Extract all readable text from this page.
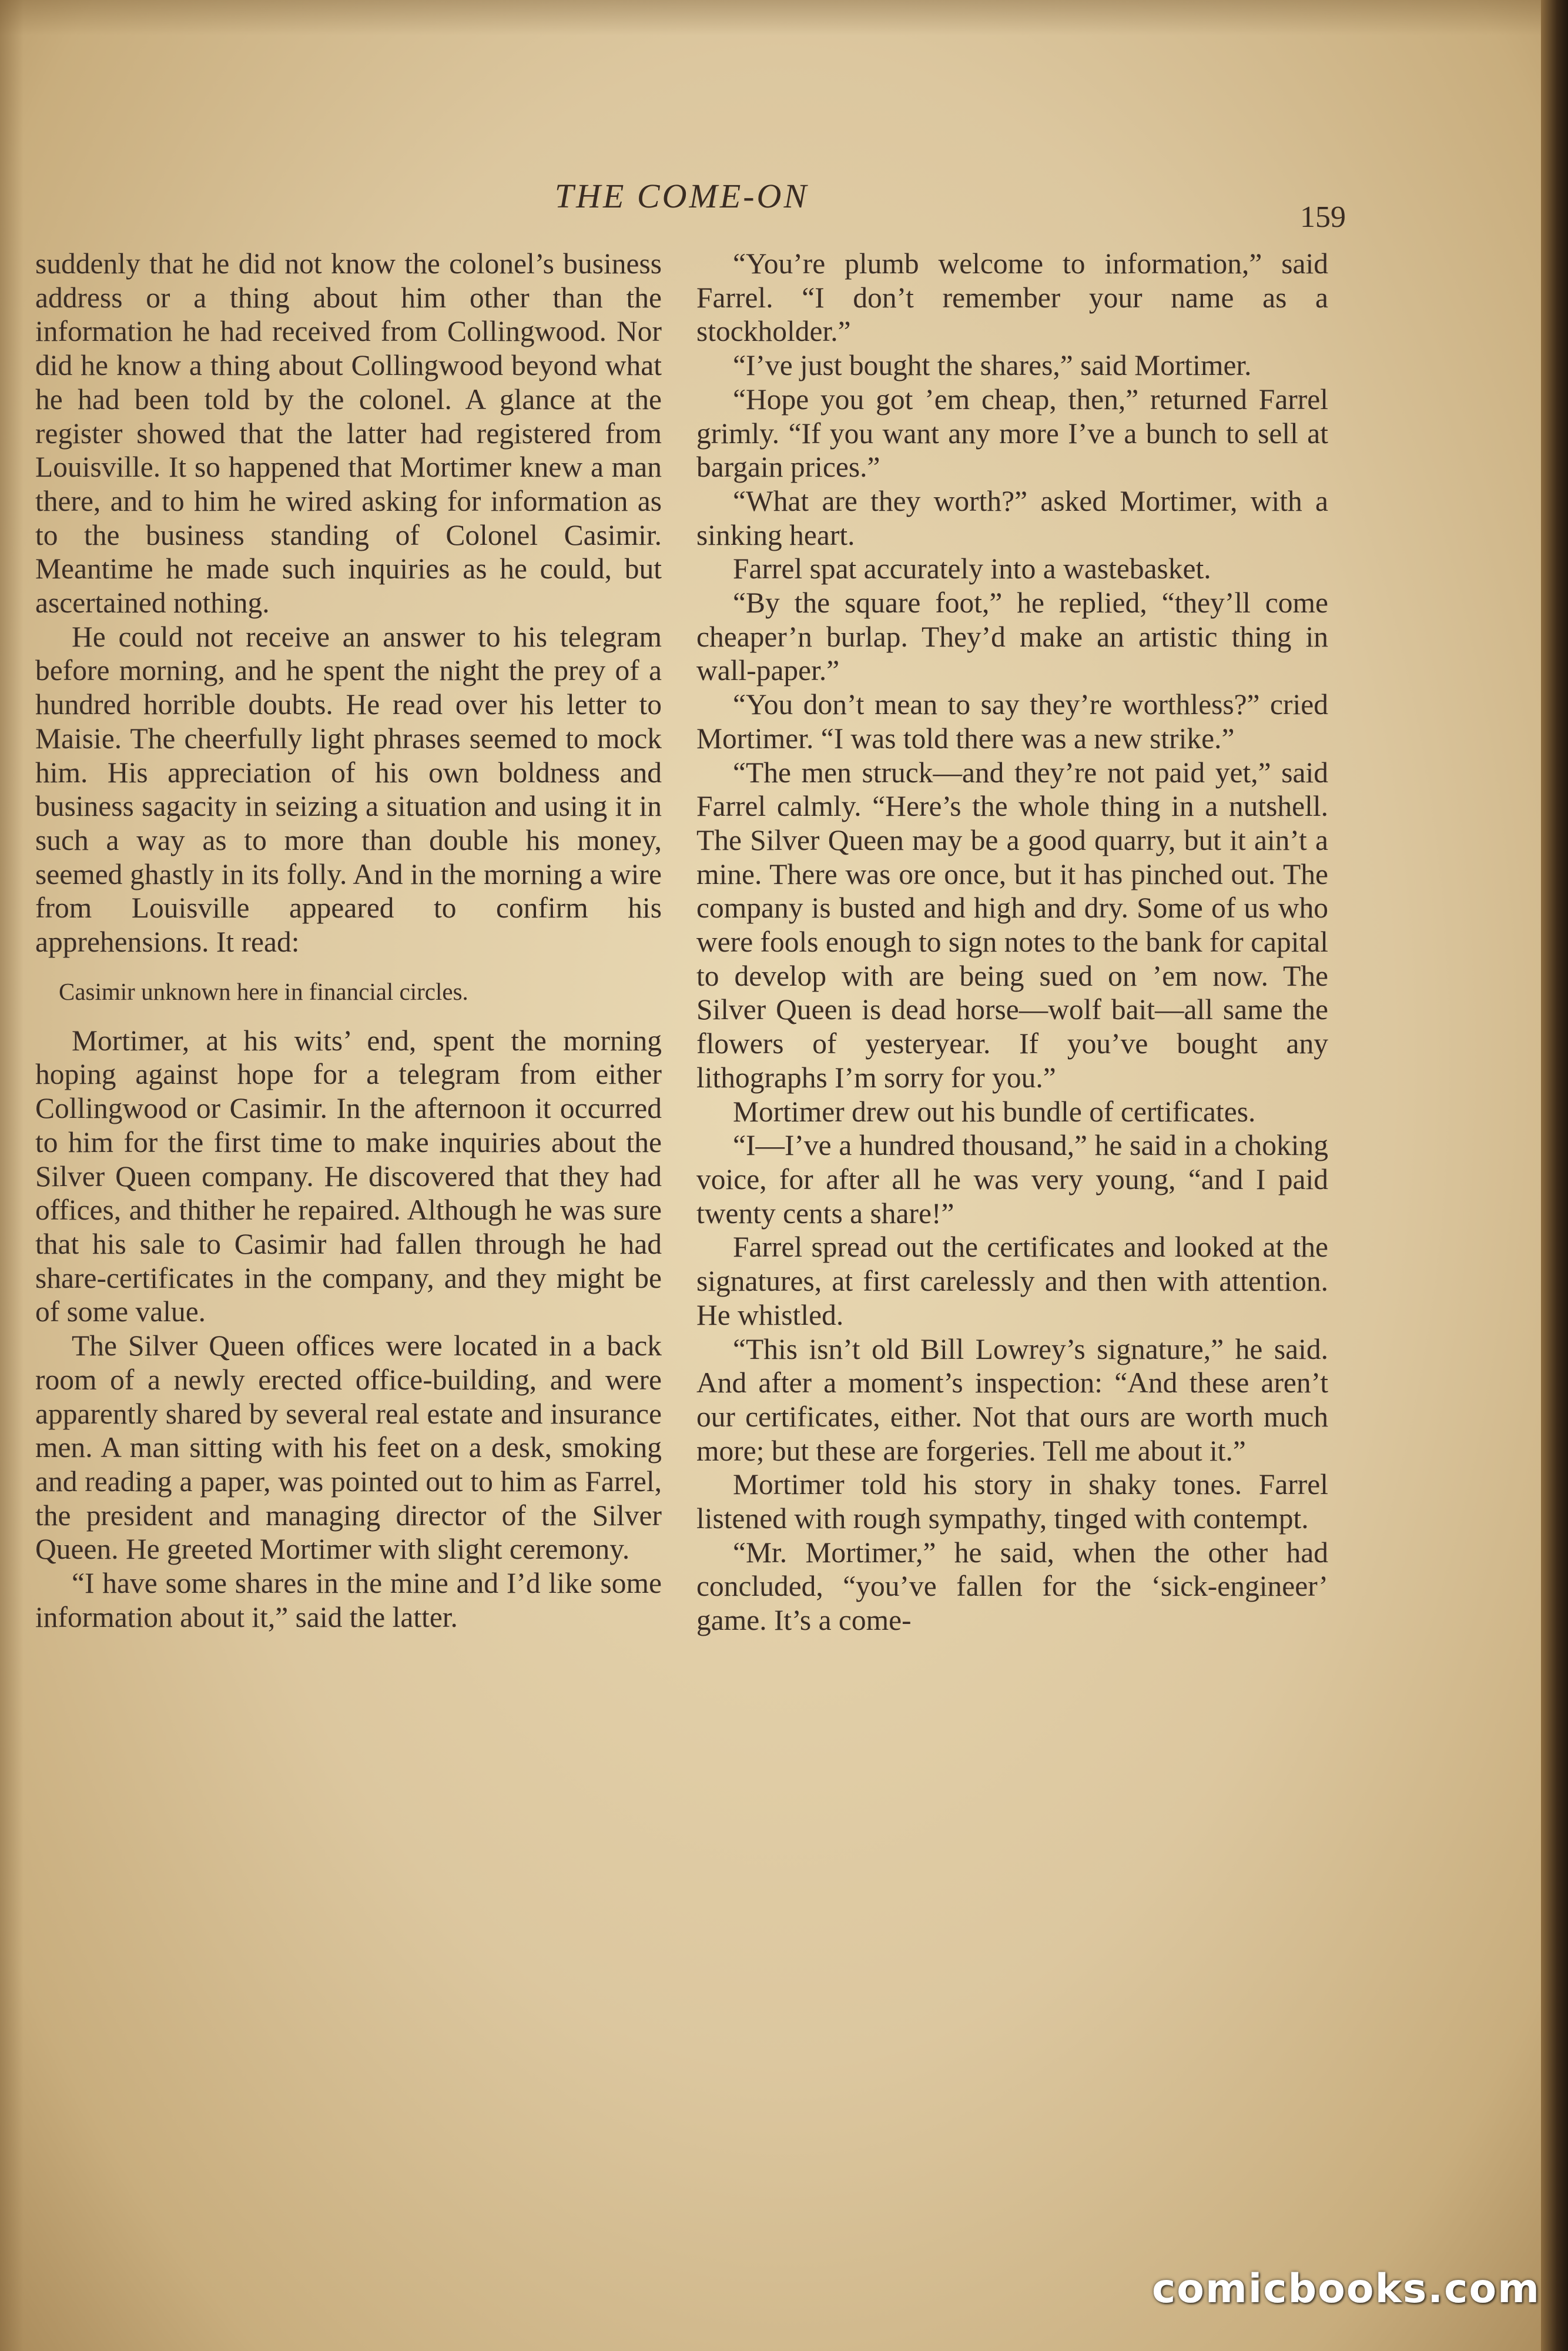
THE COME-ON
159

suddenly that he did not know the colonel’s business address or a thing about him other than the information he had received from Collingwood. Nor did he know a thing about Collingwood beyond what he had been told by the colonel. A glance at the register showed that the latter had registered from Louisville. It so happened that Mortimer knew a man there, and to him he wired asking for information as to the business standing of Colonel Casimir. Meantime he made such inquiries as he could, but ascertained nothing.

He could not receive an answer to his telegram before morning, and he spent the night the prey of a hundred horrible doubts. He read over his letter to Maisie. The cheerfully light phrases seemed to mock him. His appreciation of his own boldness and business sagacity in seizing a situation and using it in such a way as to more than double his money, seemed ghastly in its folly. And in the morning a wire from Louisville appeared to confirm his apprehensions. It read:

Casimir unknown here in financial circles.

Mortimer, at his wits’ end, spent the morning hoping against hope for a telegram from either Collingwood or Casimir. In the afternoon it occurred to him for the first time to make inquiries about the Silver Queen company. He discovered that they had offices, and thither he repaired. Although he was sure that his sale to Casimir had fallen through he had share-certificates in the company, and they might be of some value.

The Silver Queen offices were located in a back room of a newly erected office-building, and were apparently shared by several real estate and insurance men. A man sitting with his feet on a desk, smoking and reading a paper, was pointed out to him as Farrel, the president and managing director of the Silver Queen. He greeted Mortimer with slight ceremony.

“I have some shares in the mine and I’d like some information about it,” said the latter.

“You’re plumb welcome to information,” said Farrel. “I don’t remember your name as a stockholder.”

“I’ve just bought the shares,” said Mortimer.

“Hope you got ’em cheap, then,” returned Farrel grimly. “If you want any more I’ve a bunch to sell at bargain prices.”

“What are they worth?” asked Mortimer, with a sinking heart.

Farrel spat accurately into a wastebasket.

“By the square foot,” he replied, “they’ll come cheaper’n burlap. They’d make an artistic thing in wall-paper.”

“You don’t mean to say they’re worthless?” cried Mortimer. “I was told there was a new strike.”

“The men struck—and they’re not paid yet,” said Farrel calmly. “Here’s the whole thing in a nutshell. The Silver Queen may be a good quarry, but it ain’t a mine. There was ore once, but it has pinched out. The company is busted and high and dry. Some of us who were fools enough to sign notes to the bank for capital to develop with are being sued on ’em now. The Silver Queen is dead horse—wolf bait—all same the flowers of yesteryear. If you’ve bought any lithographs I’m sorry for you.”

Mortimer drew out his bundle of certificates.

“I—I’ve a hundred thousand,” he said in a choking voice, for after all he was very young, “and I paid twenty cents a share!”

Farrel spread out the certificates and looked at the signatures, at first carelessly and then with attention. He whistled.

“This isn’t old Bill Lowrey’s signature,” he said. And after a moment’s inspection: “And these aren’t our certificates, either. Not that ours are worth much more; but these are forgeries. Tell me about it.”

Mortimer told his story in shaky tones. Farrel listened with rough sympathy, tinged with contempt.

“Mr. Mortimer,” he said, when the other had concluded, “you’ve fallen for the ‘sick-engineer’ game. It’s a come-

comicbooks.com
